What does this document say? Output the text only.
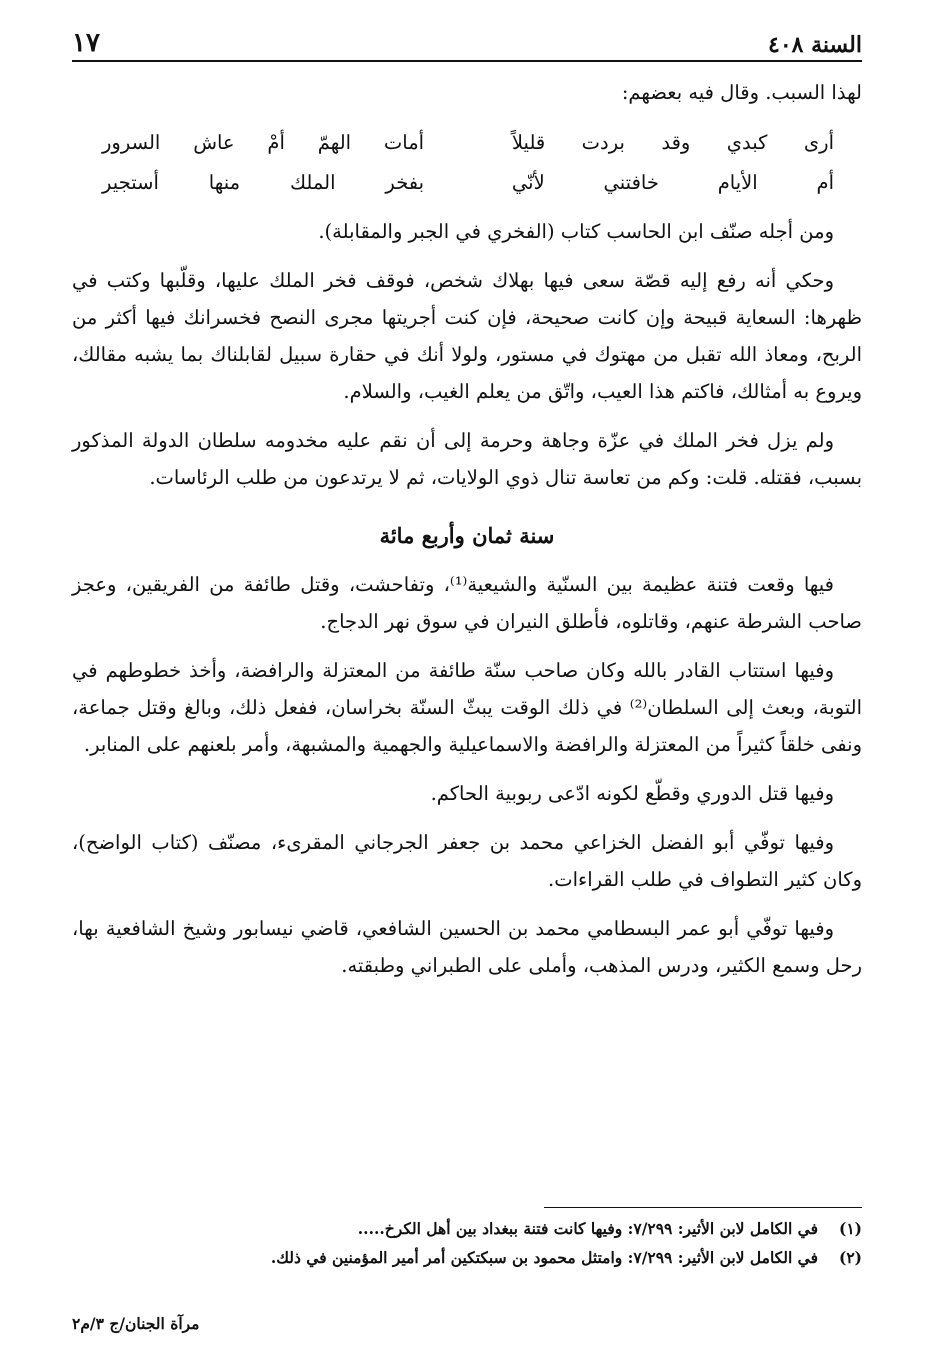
السنة ٤٠٨
١٧

لهذا السبب. وقال فيه بعضهم:

أرى كبدي وقد بردت قليلاً
أمات الهمّ أمْ عاش السرور
أم الأيام خافتني لأنّي
بفخر الملك منها أستجير

ومن أجله صنّف ابن الحاسب كتاب (الفخري في الجبر والمقابلة).

وحكي أنه رفع إليه قصّة سعى فيها بهلاك شخص، فوقف فخر الملك عليها، وقلّبها وكتب في ظهرها: السعاية قبيحة وإن كانت صحيحة، فإن كنت أجريتها مجرى النصح فخسرانك فيها أكثر من الربح، ومعاذ الله تقبل من مهتوك في مستور، ولولا أنك في حقارة سبيل لقابلناك بما يشبه مقالك، ويروع به أمثالك، فاكتم هذا العيب، واتّق من يعلم الغيب، والسلام.

ولم يزل فخر الملك في عزّة وجاهة وحرمة إلى أن نقم عليه مخدومه سلطان الدولة المذكور بسبب، فقتله. قلت: وكم من تعاسة تنال ذوي الولايات، ثم لا يرتدعون من طلب الرئاسات.

سنة ثمان وأربع مائة

فيها وقعت فتنة عظيمة بين السنّية والشيعية⁽¹⁾، وتفاحشت، وقتل طائفة من الفريقين، وعجز صاحب الشرطة عنهم، وقاتلوه، فأطلق النيران في سوق نهر الدجاج.

وفيها استتاب القادر بالله وكان صاحب سنّة طائفة من المعتزلة والرافضة، وأخذ خطوطهم في التوبة، وبعث إلى السلطان⁽²⁾ في ذلك الوقت يبثّ السنّة بخراسان، ففعل ذلك، وبالغ وقتل جماعة، ونفى خلقاً كثيراً من المعتزلة والرافضة والاسماعيلية والجهمية والمشبهة، وأمر بلعنهم على المنابر.

وفيها قتل الدوري وقطّع لكونه ادّعى ربوبية الحاكم.

وفيها توفّي أبو الفضل الخزاعي محمد بن جعفر الجرجاني المقرىء، مصنّف (كتاب الواضح)، وكان كثير التطواف في طلب القراءات.

وفيها توفّي أبو عمر البسطامي محمد بن الحسين الشافعي، قاضي نيسابور وشيخ الشافعية بها، رحل وسمع الكثير، ودرس المذهب، وأملى على الطبراني وطبقته.

(١)
في الكامل لابن الأثير: ٧/٢٩٩: وفيها كانت فتنة ببغداد بين أهل الكرخ.....
(٢)
في الكامل لابن الأثير: ٧/٢٩٩: وامتثل محمود بن سبكتكين أمر أمير المؤمنين في ذلك.
مرآة الجنان/ج ٣/م٢
